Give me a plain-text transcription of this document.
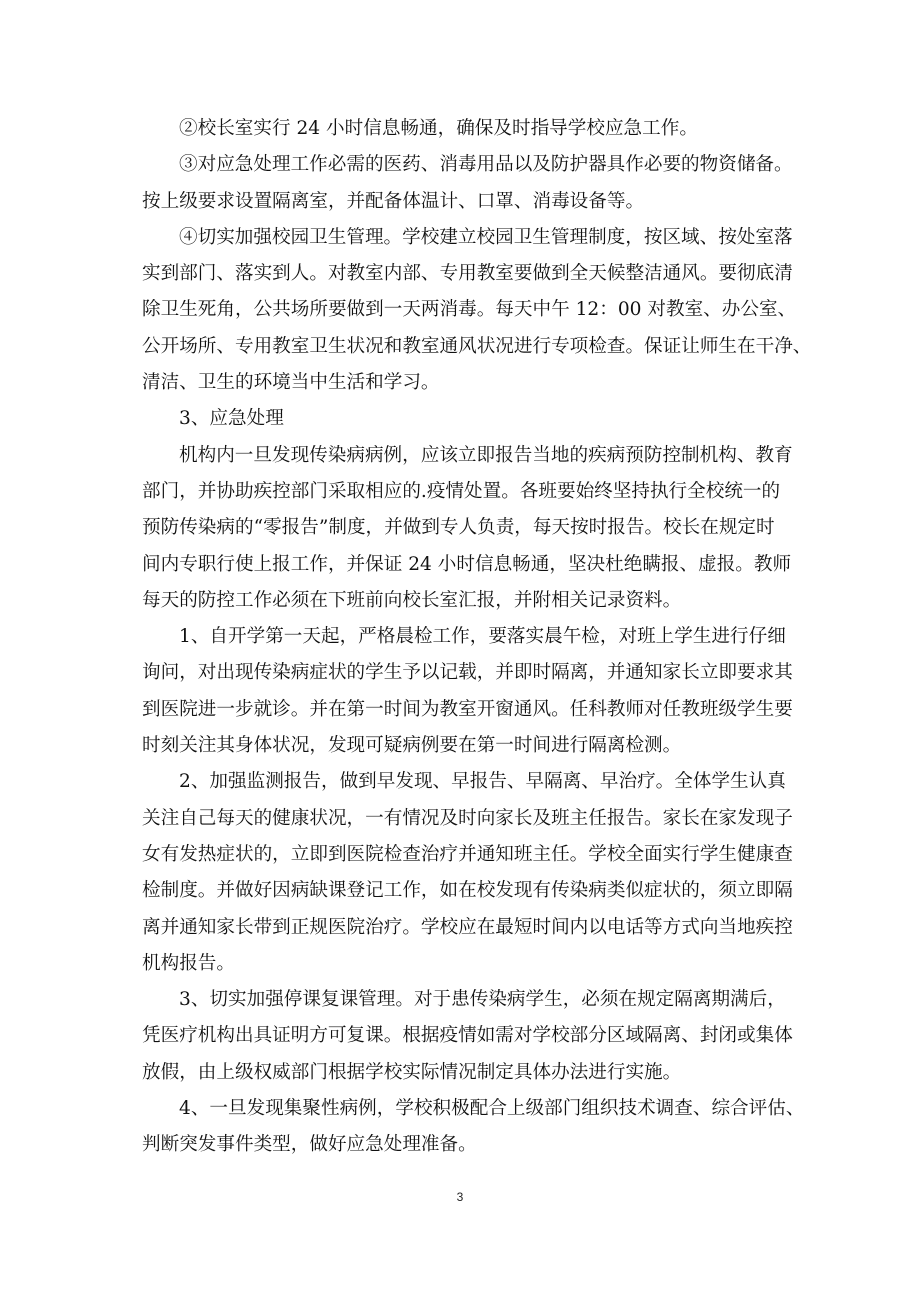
②校长室实行 24 小时信息畅通，确保及时指导学校应急工作。
③对应急处理工作必需的医药、消毒用品以及防护器具作必要的物资储备。
按上级要求设置隔离室，并配备体温计、口罩、消毒设备等。
④切实加强校园卫生管理。学校建立校园卫生管理制度，按区域、按处室落
实到部门、落实到人。对教室内部、专用教室要做到全天候整洁通风。要彻底清
除卫生死角，公共场所要做到一天两消毒。每天中午 12：00 对教室、办公室、
公开场所、专用教室卫生状况和教室通风状况进行专项检查。保证让师生在干净、
清洁、卫生的环境当中生活和学习。
3、应急处理
机构内一旦发现传染病病例，应该立即报告当地的疾病预防控制机构、教育
部门，并协助疾控部门采取相应的.疫情处置。各班要始终坚持执行全校统一的
预防传染病的“零报告”制度，并做到专人负责，每天按时报告。校长在规定时
间内专职行使上报工作，并保证 24 小时信息畅通，坚决杜绝瞒报、虚报。教师
每天的防控工作必须在下班前向校长室汇报，并附相关记录资料。
1、自开学第一天起，严格晨检工作，要落实晨午检，对班上学生进行仔细
询问，对出现传染病症状的学生予以记载，并即时隔离，并通知家长立即要求其
到医院进一步就诊。并在第一时间为教室开窗通风。任科教师对任教班级学生要
时刻关注其身体状况，发现可疑病例要在第一时间进行隔离检测。
2、加强监测报告，做到早发现、早报告、早隔离、早治疗。全体学生认真
关注自己每天的健康状况，一有情况及时向家长及班主任报告。家长在家发现子
女有发热症状的，立即到医院检查治疗并通知班主任。学校全面实行学生健康查
检制度。并做好因病缺课登记工作，如在校发现有传染病类似症状的，须立即隔
离并通知家长带到正规医院治疗。学校应在最短时间内以电话等方式向当地疾控
机构报告。
3、切实加强停课复课管理。对于患传染病学生，必须在规定隔离期满后，
凭医疗机构出具证明方可复课。根据疫情如需对学校部分区域隔离、封闭或集体
放假，由上级权威部门根据学校实际情况制定具体办法进行实施。
4、一旦发现集聚性病例，学校积极配合上级部门组织技术调查、综合评估、
判断突发事件类型，做好应急处理准备。
3
